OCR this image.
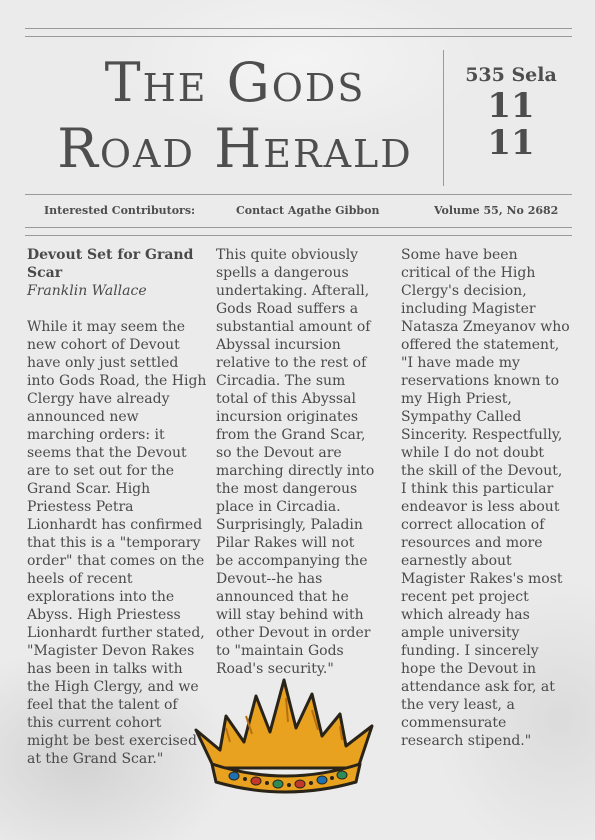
The Gods
Road Herald
535 Sela
11
11
Interested Contributors:	Contact Agathe Gibbon	Volume 55, No 2682

Devout Set for Grand Scar

Franklin Wallace

While it may seem the new cohort of Devout have only just settled into Gods Road, the High Clergy have already announced new marching orders: it seems that the Devout are to set out for the Grand Scar. High Priestess Petra Lionhardt has confirmed that this is a "temporary order" that comes on the heels of recent explorations into the Abyss. High Priestess Lionhardt further stated, "Magister Devon Rakes has been in talks with the High Clergy, and we feel that the talent of this current cohort might be best exercised at the Grand Scar."

This quite obviously spells a dangerous undertaking. Afterall, Gods Road suffers a substantial amount of Abyssal incursion relative to the rest of Circadia. The sum total of this Abyssal incursion originates from the Grand Scar, so the Devout are marching directly into the most dangerous place in Circadia. Surprisingly, Paladin Pilar Rakes will not be accompanying the Devout--he has announced that he will stay behind with other Devout in order to "maintain Gods Road's security."

Some have been critical of the High Clergy's decision, including Magister Natasza Zmeyanov who offered the statement, "I have made my reservations known to my High Priest, Sympathy Called Sincerity. Respectfully, while I do not doubt the skill of the Devout, I think this particular endeavor is less about correct allocation of resources and more earnestly about Magister Rakes's most recent pet project which already has ample university funding. I sincerely hope the Devout in attendance ask for, at the very least, a commensurate research stipend."
